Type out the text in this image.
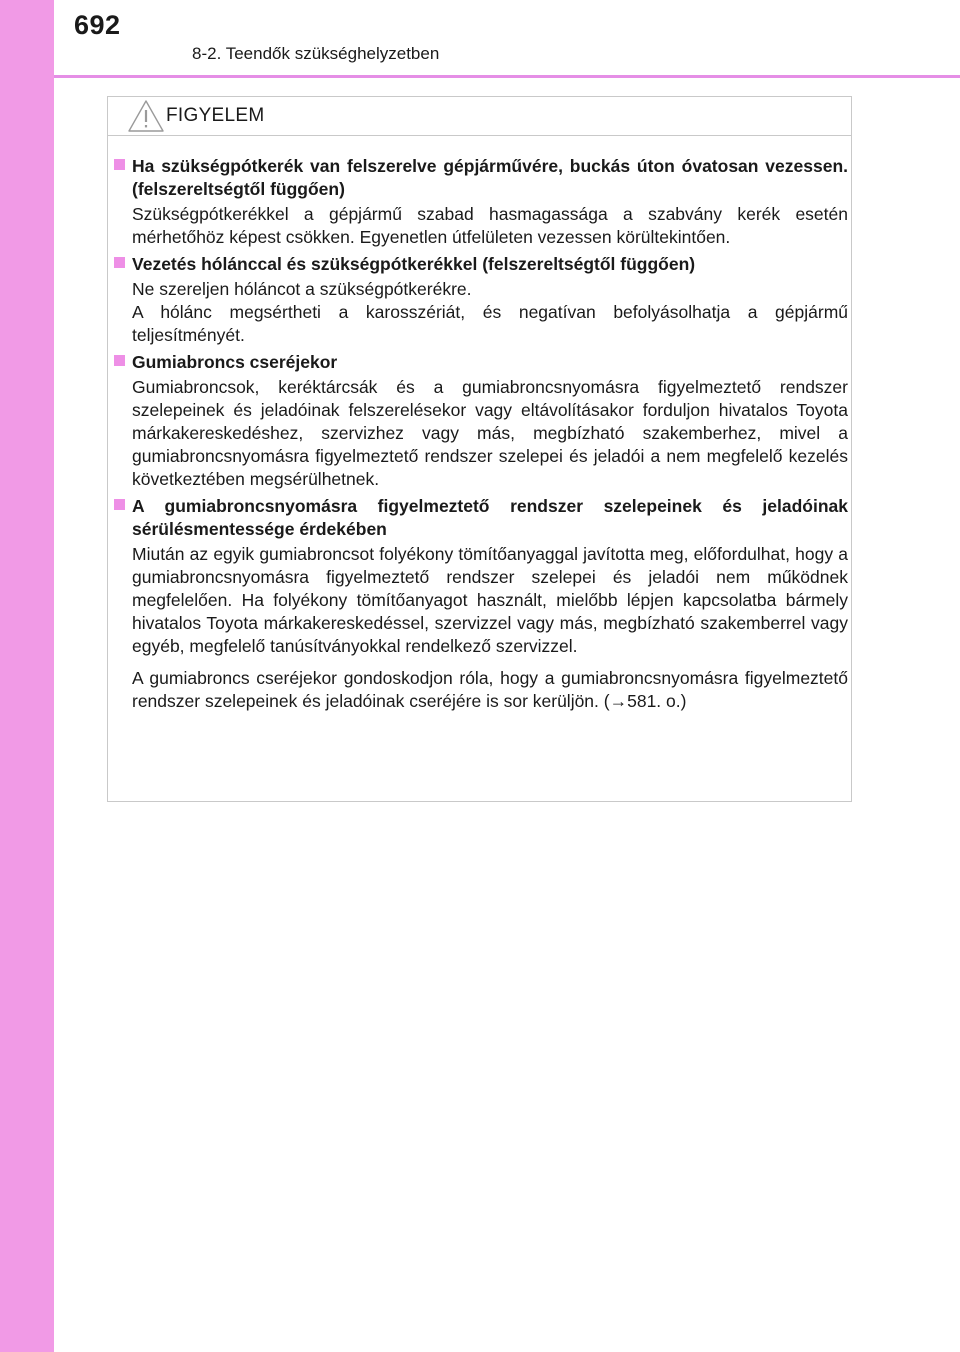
692
8-2. Teendők szükséghelyzetben
FIGYELEM

Ha szükségpótkerék van felszerelve gépjárművére, buckás úton óvatosan vezessen. (felszereltségtől függően)

Szükségpótkerékkel a gépjármű szabad hasmagassága a szabvány kerék esetén mérhetőhöz képest csökken. Egyenetlen útfelületen vezessen körültekintően.

Vezetés hólánccal és szükségpótkerékkel (felszereltségtől függően)

Ne szereljen hóláncot a szükségpótkerékre.

A hólánc megsértheti a karosszériát, és negatívan befolyásolhatja a gépjármű teljesítményét.

Gumiabroncs cseréjekor

Gumiabroncsok, keréktárcsák és a gumiabroncsnyomásra figyelmeztető rendszer szelepeinek és jeladóinak felszerelésekor vagy eltávolításakor forduljon hivatalos Toyota márkakereskedéshez, szervizhez vagy más, megbízható szakemberhez, mivel a gumiabroncsnyomásra figyelmeztető rendszer szelepei és jeladói a nem megfelelő kezelés következtében megsérülhetnek.

A gumiabroncsnyomásra figyelmeztető rendszer szelepeinek és jeladóinak sérülésmentessége érdekében

Miután az egyik gumiabroncsot folyékony tömítőanyaggal javította meg, előfordulhat, hogy a gumiabroncsnyomásra figyelmeztető rendszer szelepei és jeladói nem működnek megfelelően. Ha folyékony tömítőanyagot használt, mielőbb lépjen kapcsolatba bármely hivatalos Toyota márkakereskedéssel, szervizzel vagy más, megbízható szakemberrel vagy egyéb, megfelelő tanúsítványokkal rendelkező szervizzel.

A gumiabroncs cseréjekor gondoskodjon róla, hogy a gumiabroncsnyomásra figyelmeztető rendszer szelepeinek és jeladóinak cseréjére is sor kerüljön. (→581. o.)
